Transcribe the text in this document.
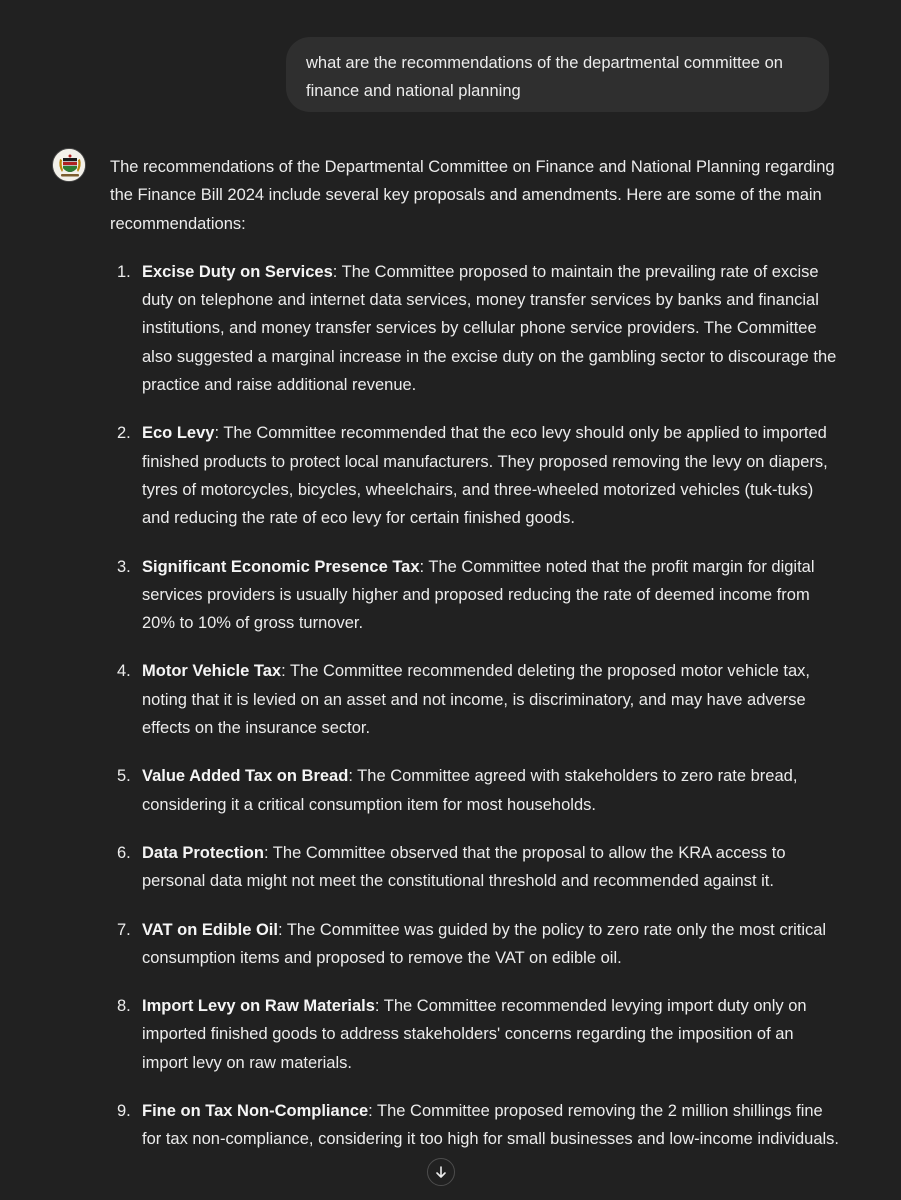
what are the recommendations of the departmental committee on finance and national planning

The recommendations of the Departmental Committee on Finance and National Planning regarding the Finance Bill 2024 include several key proposals and amendments. Here are some of the main recommendations:

1. Excise Duty on Services: The Committee proposed to maintain the prevailing rate of excise duty on telephone and internet data services, money transfer services by banks and financial institutions, and money transfer services by cellular phone service providers. The Committee also suggested a marginal increase in the excise duty on the gambling sector to discourage the practice and raise additional revenue.
2. Eco Levy: The Committee recommended that the eco levy should only be applied to imported finished products to protect local manufacturers. They proposed removing the levy on diapers, tyres of motorcycles, bicycles, wheelchairs, and three-wheeled motorized vehicles (tuk-tuks) and reducing the rate of eco levy for certain finished goods.
3. Significant Economic Presence Tax: The Committee noted that the profit margin for digital services providers is usually higher and proposed reducing the rate of deemed income from 20% to 10% of gross turnover.
4. Motor Vehicle Tax: The Committee recommended deleting the proposed motor vehicle tax, noting that it is levied on an asset and not income, is discriminatory, and may have adverse effects on the insurance sector.
5. Value Added Tax on Bread: The Committee agreed with stakeholders to zero rate bread, considering it a critical consumption item for most households.
6. Data Protection: The Committee observed that the proposal to allow the KRA access to personal data might not meet the constitutional threshold and recommended against it.
7. VAT on Edible Oil: The Committee was guided by the policy to zero rate only the most critical consumption items and proposed to remove the VAT on edible oil.
8. Import Levy on Raw Materials: The Committee recommended levying import duty only on imported finished goods to address stakeholders' concerns regarding the imposition of an import levy on raw materials.
9. Fine on Tax Non-Compliance: The Committee proposed removing the 2 million shillings fine for tax non-compliance, considering it too high for small businesses and low-income individuals.
